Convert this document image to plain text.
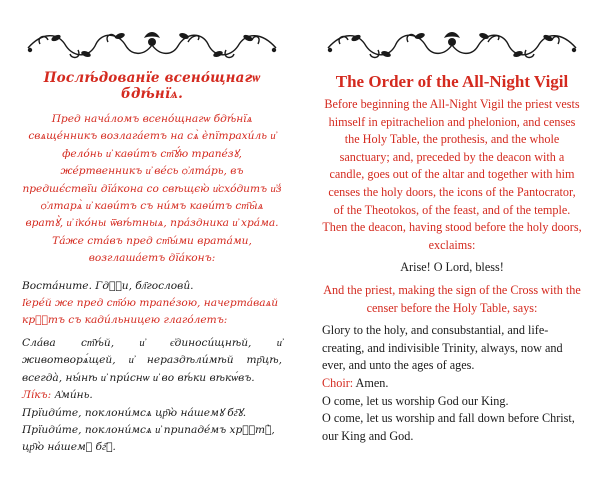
Послѣ́дованїе всено́щнагѡ бдѣ́нїѧ.

Пред нача́ломъ всено́щнагѡ бдѣ́нїѧ свѧще́нникъ возлага́етъ на сѧ̀ ѐпїтрахи́ль и҆ фело́нь и҆ каѳи́тъ ст҃ꙋ́ю трапе́зꙋ, же́ртвенникъ и҆ ве́сь ѻ҆лта́рь, въ предшє́ствїи дїа́кона со свѣщєю̀ и҆схо́дитъ и҆з̾ ѻ҆лтарѧ̀ и҆ каѳи́тъ съ ни́мъ каѳи́тъ ст҃ы̑ѧ вратꙋ̀, и҆ і҆ко́ны ѿвѣ́тныѧ, пра́здника и҆ хра́ма. Та́же ста́въ пред ст҃ы́ми врата́ми, возглаша́етъ дїа́конъ:

Воста́ните. Гдⷭ҇и, бл҃гослови̂.

І҆ере́й же пред ст҃о́ю трапе́зою, начерта́ваѧй крⷭ҇тъ съ кади́льницею глаго́летъ:

Сла́ва ст҃ѣ́й, и҆ є҆диноси́щнѣй, и҆ животворѧ́щей, и҆ нераздѣли́мѣй тр҃цѣ, всегда̀, ны́нѣ и҆ при́снѡ и҆ во вѣ́ки вѣкѡ́въ.

Лі́къ: А҆ми́нь.

Прїиди́те, поклони́мсѧ цр҃ю̀ на́шемꙋ бг҃ꙋ.

Прїиди́те, поклони́мсѧ и҆ припаде́мъ хрⷭ҇тꙋ̀, цр҃ю̀ на́шемꙋ бг҃ꙋ.

The Order of the All-Night Vigil

Before beginning the All-Night Vigil the priest vests himself in epitrachelion and phelonion, and censes the Holy Table, the prothesis, and the whole sanctuary; and, preceded by the deacon with a candle, goes out of the altar and together with him censes the holy doors, the icons of the Pantocrator, of the Theotokos, of the feast, and of the temple. Then the deacon, having stood before the holy doors, exclaims:

Arise! O Lord, bless!

And the priest, making the sign of the Cross with the censer before the Holy Table, says:

Glory to the holy, and consubstantial, and life-creating, and indivisible Trinity, always, now and ever, and unto the ages of ages.

Choir: Amen.

O come, let us worship God our King.

O come, let us worship and fall down before Christ, our King and God.
